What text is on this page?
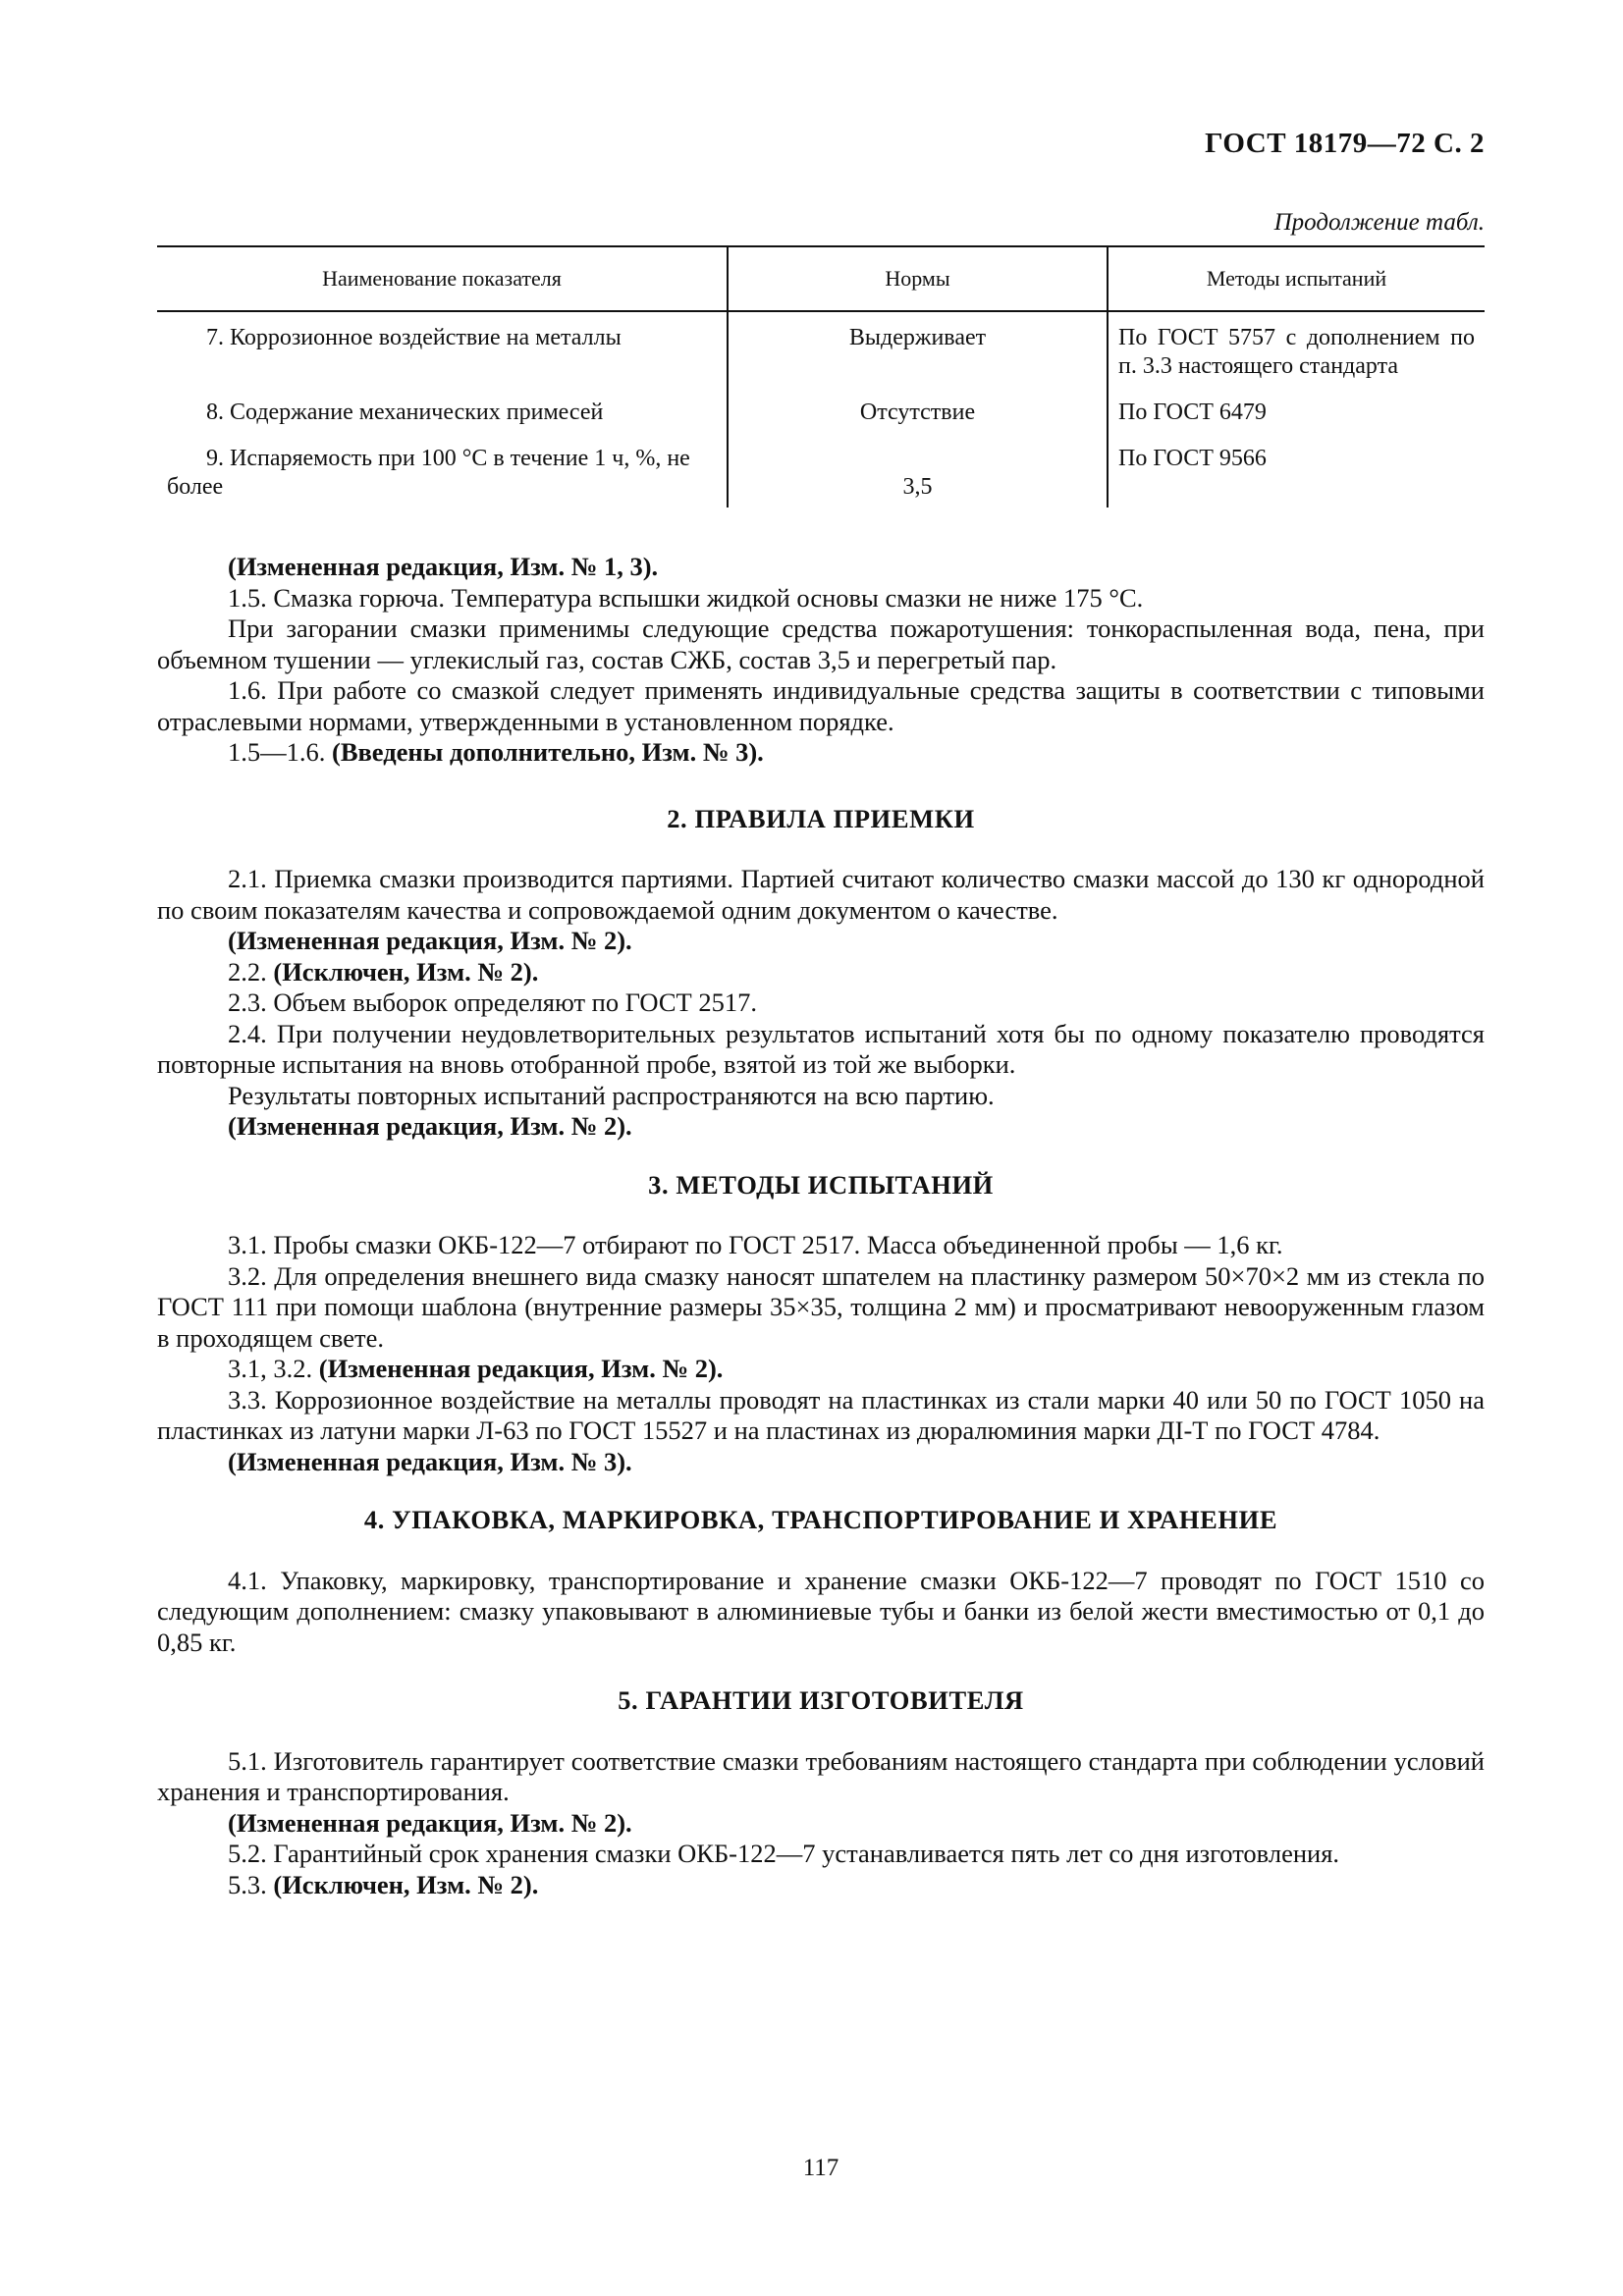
ГОСТ 18179—72 С. 2
Продолжение табл.
Наименование показателя	Нормы	Методы испытаний
7. Коррозионное воздействие на металлы	Выдерживает	По ГОСТ 5757 с дополнением по п. 3.3 настоящего стандарта
8. Содержание механических примесей	Отсутствие	По ГОСТ 6479
9. Испаряемость при 100 °С в течение 1 ч, %, не более	3,5	По ГОСТ 9566

(Измененная редакция, Изм. № 1, 3).

1.5. Смазка горюча. Температура вспышки жидкой основы смазки не ниже 175 °С.

При загорании смазки применимы следующие средства пожаротушения: тонкораспыленная вода, пена, при объемном тушении — углекислый газ, состав СЖБ, состав 3,5 и перегретый пар.

1.6. При работе со смазкой следует применять индивидуальные средства защиты в соответствии с типовыми отраслевыми нормами, утвержденными в установленном порядке.

1.5—1.6. (Введены дополнительно, Изм. № 3).

2. ПРАВИЛА ПРИЕМКИ

2.1. Приемка смазки производится партиями. Партией считают количество смазки массой до 130 кг однородной по своим показателям качества и сопровождаемой одним документом о качестве.

(Измененная редакция, Изм. № 2).

2.2. (Исключен, Изм. № 2).

2.3. Объем выборок определяют по ГОСТ 2517.

2.4. При получении неудовлетворительных результатов испытаний хотя бы по одному показателю проводятся повторные испытания на вновь отобранной пробе, взятой из той же выборки.

Результаты повторных испытаний распространяются на всю партию.

(Измененная редакция, Изм. № 2).

3. МЕТОДЫ ИСПЫТАНИЙ

3.1. Пробы смазки ОКБ-122—7 отбирают по ГОСТ 2517. Масса объединенной пробы — 1,6 кг.

3.2. Для определения внешнего вида смазку наносят шпателем на пластинку размером 50×70×2 мм из стекла по ГОСТ 111 при помощи шаблона (внутренние размеры 35×35, толщина 2 мм) и просматривают невооруженным глазом в проходящем свете.

3.1, 3.2. (Измененная редакция, Изм. № 2).

3.3. Коррозионное воздействие на металлы проводят на пластинках из стали марки 40 или 50 по ГОСТ 1050 на пластинках из латуни марки Л-63 по ГОСТ 15527 и на пластинах из дюралюминия марки ДI-Т по ГОСТ 4784.

(Измененная редакция, Изм. № 3).

4. УПАКОВКА, МАРКИРОВКА, ТРАНСПОРТИРОВАНИЕ И ХРАНЕНИЕ

4.1. Упаковку, маркировку, транспортирование и хранение смазки ОКБ-122—7 проводят по ГОСТ 1510 со следующим дополнением: смазку упаковывают в алюминиевые тубы и банки из белой жести вместимостью от 0,1 до 0,85 кг.

5. ГАРАНТИИ ИЗГОТОВИТЕЛЯ

5.1. Изготовитель гарантирует соответствие смазки требованиям настоящего стандарта при соблюдении условий хранения и транспортирования.

(Измененная редакция, Изм. № 2).

5.2. Гарантийный срок хранения смазки ОКБ-122—7 устанавливается пять лет со дня изготовления.

5.3. (Исключен, Изм. № 2).

117
